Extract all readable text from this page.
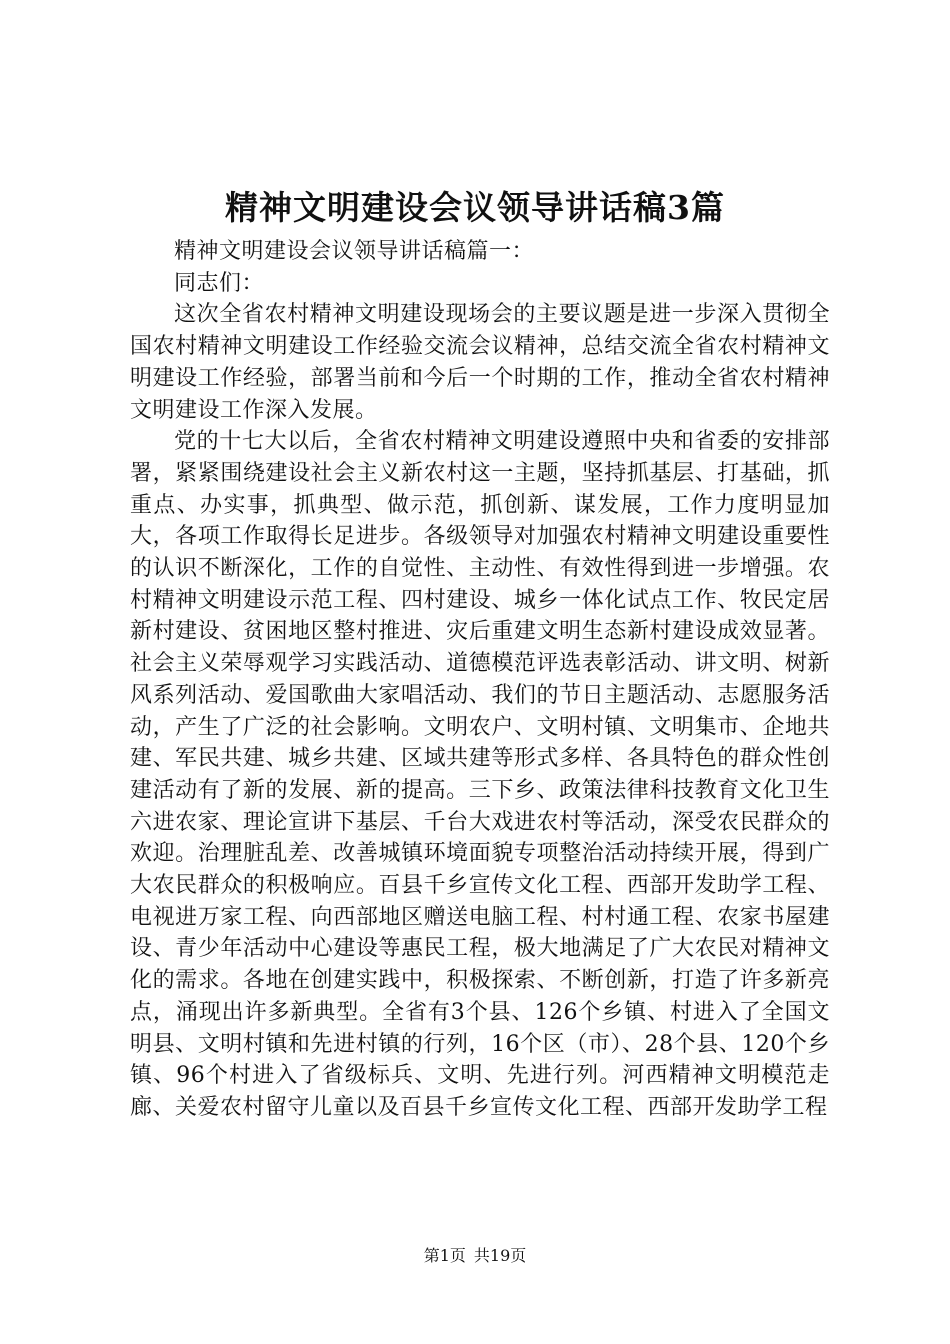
精神文明建设会议领导讲话稿3篇

精神文明建设会议领导讲话稿篇一：

同志们：

这次全省农村精神文明建设现场会的主要议题是进一步深入贯彻全国农村精神文明建设工作经验交流会议精神，总结交流全省农村精神文明建设工作经验，部署当前和今后一个时期的工作，推动全省农村精神文明建设工作深入发展。

党的十七大以后，全省农村精神文明建设遵照中央和省委的安排部署，紧紧围绕建设社会主义新农村这一主题，坚持抓基层、打基础，抓重点、办实事，抓典型、做示范，抓创新、谋发展，工作力度明显加大，各项工作取得长足进步。各级领导对加强农村精神文明建设重要性的认识不断深化，工作的自觉性、主动性、有效性得到进一步增强。农村精神文明建设示范工程、四村建设、城乡一体化试点工作、牧民定居新村建设、贫困地区整村推进、灾后重建文明生态新村建设成效显著。社会主义荣辱观学习实践活动、道德模范评选表彰活动、讲文明、树新风系列活动、爱国歌曲大家唱活动、我们的节日主题活动、志愿服务活动，产生了广泛的社会影响。文明农户、文明村镇、文明集市、企地共建、军民共建、城乡共建、区域共建等形式多样、各具特色的群众性创建活动有了新的发展、新的提高。三下乡、政策法律科技教育文化卫生六进农家、理论宣讲下基层、千台大戏进农村等活动，深受农民群众的欢迎。治理脏乱差、改善城镇环境面貌专项整治活动持续开展，得到广大农民群众的积极响应。百县千乡宣传文化工程、西部开发助学工程、电视进万家工程、向西部地区赠送电脑工程、村村通工程、农家书屋建设、青少年活动中心建设等惠民工程，极大地满足了广大农民对精神文化的需求。各地在创建实践中，积极探索、不断创新，打造了许多新亮点，涌现出许多新典型。全省有3个县、126个乡镇、村进入了全国文明县、文明村镇和先进村镇的行列，16个区（市）、28个县、120个乡镇、96个村进入了省级标兵、文明、先进行列。河西精神文明模范走廊、关爱农村留守儿童以及百县千乡宣传文化工程、西部开发助学工程

第1页 共19页
